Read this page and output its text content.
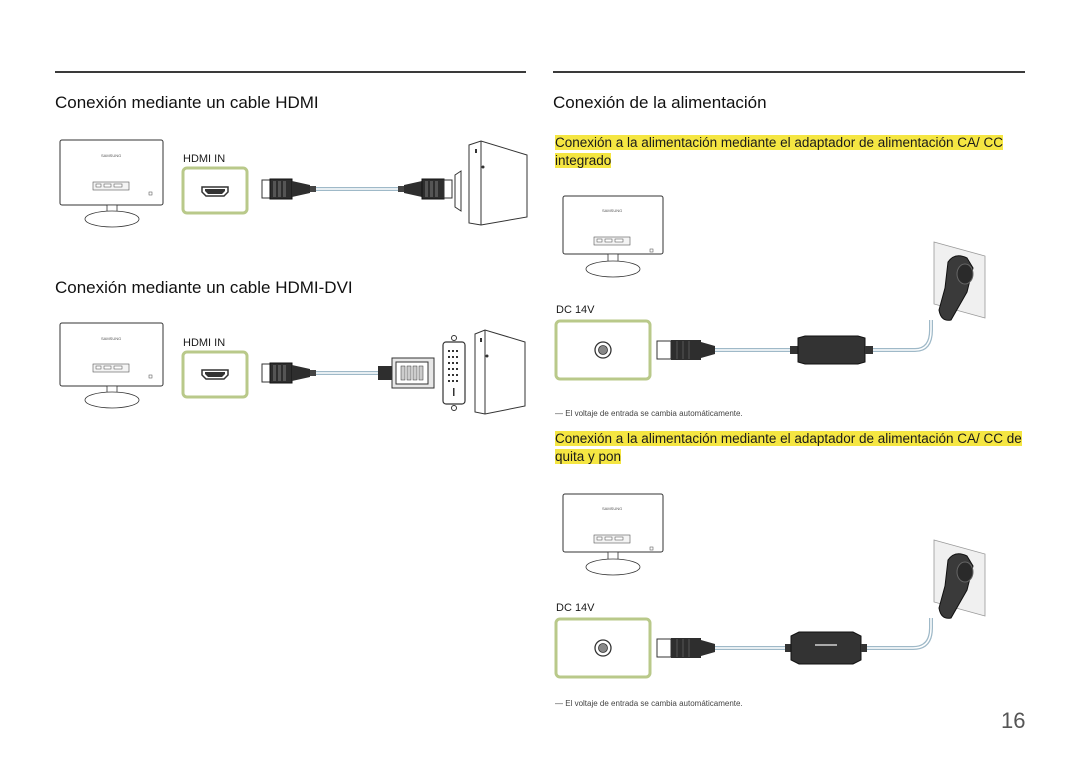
Conexión mediante un cable HDMI
SAMSUNG	HDMI IN
Conexión mediante un cable HDMI-DVI
SAMSUNG	HDMI IN
Conexión de la alimentación
Conexión a la alimentación mediante el adaptador de alimentación CA/ CC integrado
SAMSUNG
DC 14V
— El voltaje de entrada se cambia automáticamente.
Conexión a la alimentación mediante el adaptador de alimentación CA/ CC de quita y pon
SAMSUNG
DC 14V
— El voltaje de entrada se cambia automáticamente.
16
